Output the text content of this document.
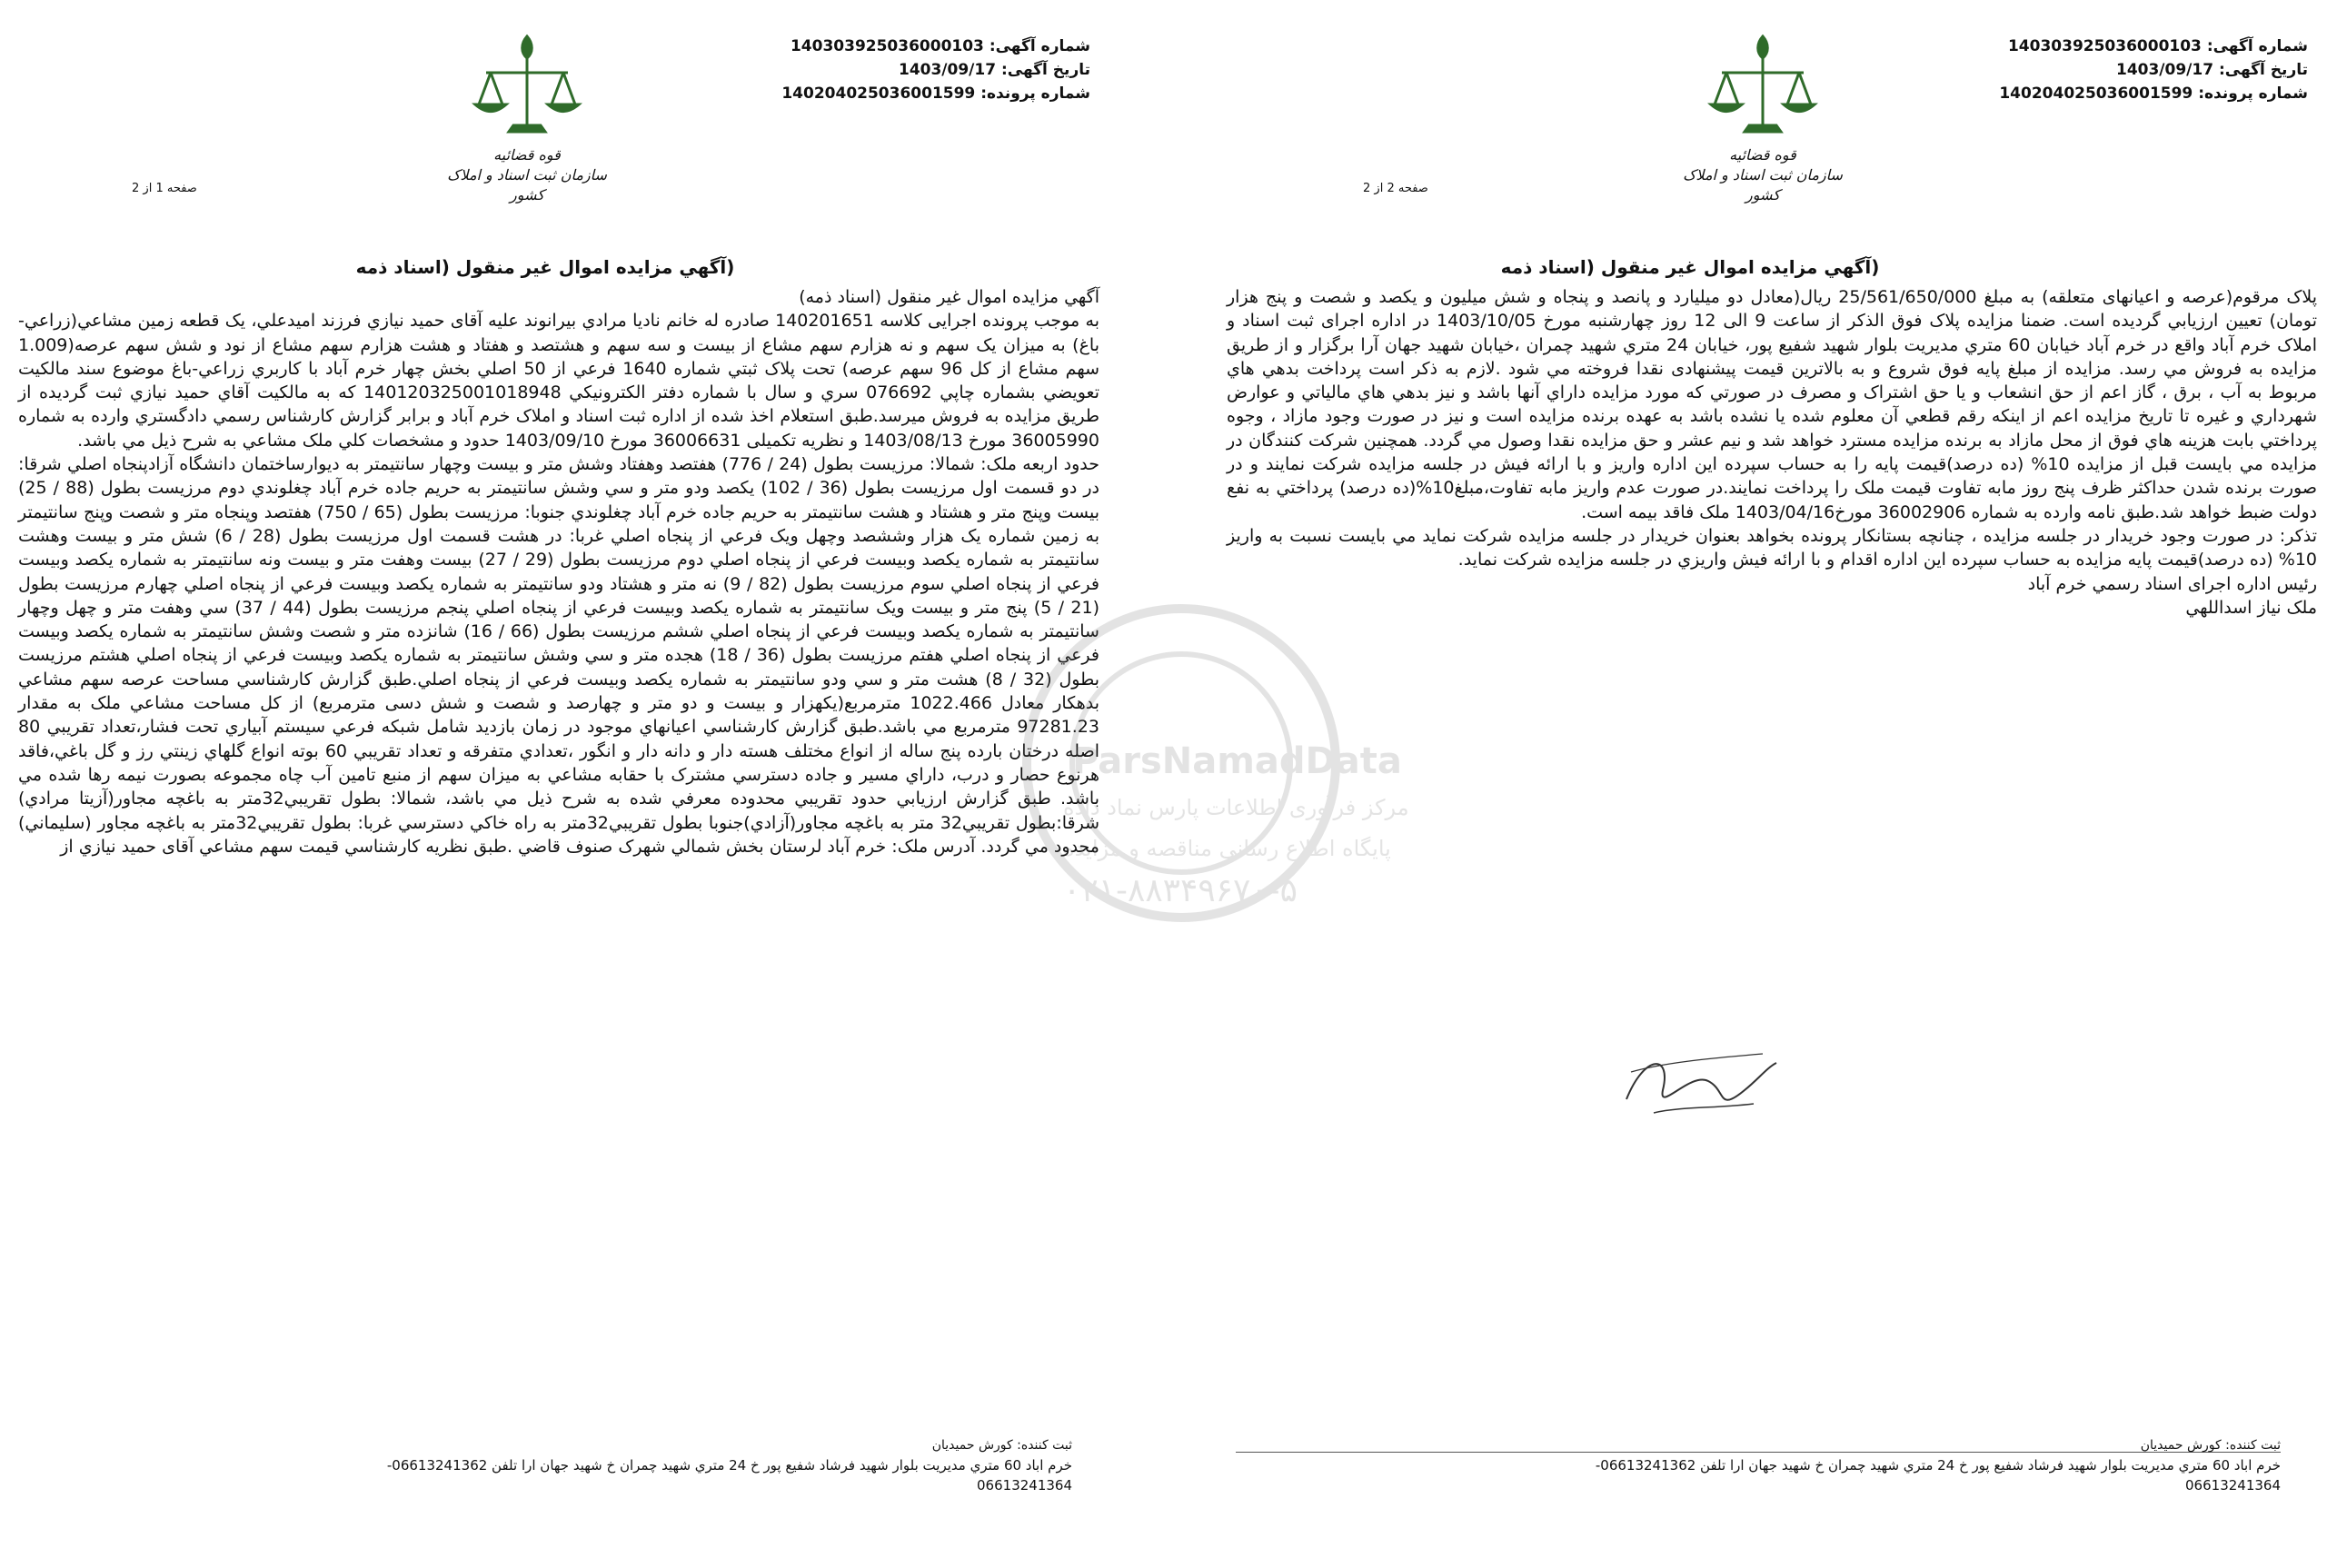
شماره آگهی: 140303925036000103
تاريخ آگهی: 1403/09/17
شماره پرونده: 140204025036001599
قوه قضائیه
سازمان ثبت اسناد و املاک کشور
صفحه 1 از 2
(آگهي مزايده اموال غير منقول (اسناد ذمه

آگهي مزايده اموال غير منقول (اسناد ذمه)

به موجب پرونده اجرایی کلاسه 140201651 صادره له خانم نادیا مرادي بیرانوند علیه آقای حمید نیازي فرزند امیدعلي، یک قطعه زمین مشاعي(زراعي-باغ) به میزان یک سهم و نه هزارم سهم مشاع از بیست و سه سهم و هشتصد و هفتاد و هشت هزارم سهم مشاع از نود و شش سهم عرصه(1.009 سهم مشاع از کل 96 سهم عرصه) تحت پلاک ثبتي شماره 1640 فرعي از 50 اصلي بخش چهار خرم آباد با کاربري زراعي-باغ موضوع سند مالکیت تعویضي بشماره چاپي 076692 سري و سال با شماره دفتر الکترونیکي 140120325001018948 که به مالکیت آقاي حمید نیازي ثبت گردیده از طریق مزایده به فروش میرسد.طبق استعلام اخذ شده از اداره ثبت اسناد و املاک خرم آباد و برابر گزارش کارشناس رسمي دادگستري وارده به شماره 36005990 مورخ 1403/08/13 و نظریه تکمیلی 36006631 مورخ 1403/09/10 حدود و مشخصات کلي ملک مشاعي به شرح ذیل مي باشد.

حدود اربعه ملک: شمالا: مرزيست بطول (24 / 776) هفتصد وهفتاد وشش متر و بيست وچهار سانتيمتر به ديوارساختمان دانشگاه آزادپنجاه اصلي شرقا: در دو قسمت اول مرزيست بطول (36 / 102) يکصد ودو متر و سي وشش سانتيمتر به حريم جاده خرم آباد چغلوندي دوم مرزيست بطول (88 / 25) بيست وپنج متر و هشتاد و هشت سانتيمتر به حريم جاده خرم آباد چغلوندي جنوبا: مرزيست بطول (65 / 750) هفتصد وپنجاه متر و شصت وپنج سانتيمتر به زمين شماره يک هزار وششصد وچهل ويک فرعي از پنجاه اصلي غربا: در هشت قسمت اول مرزيست بطول (28 / 6) شش متر و بيست وهشت سانتيمتر به شماره يکصد وبيست فرعي از پنجاه اصلي دوم مرزيست بطول (29 / 27) بيست وهفت متر و بيست ونه سانتيمتر به شماره يکصد وبيست فرعي از پنجاه اصلي سوم مرزيست بطول (82 / 9) نه متر و هشتاد ودو سانتيمتر به شماره يکصد وبيست فرعي از پنجاه اصلي چهارم مرزيست بطول (21 / 5) پنج متر و بيست ويک سانتيمتر به شماره يکصد وبيست فرعي از پنجاه اصلي پنجم مرزيست بطول (44 / 37) سي وهفت متر و چهل وچهار سانتيمتر به شماره يکصد وبيست فرعي از پنجاه اصلي ششم مرزيست بطول (66 / 16) شانزده متر و شصت وشش سانتيمتر به شماره يکصد وبيست فرعي از پنجاه اصلي هفتم مرزيست بطول (36 / 18) هجده متر و سي وشش سانتيمتر به شماره يکصد وبيست فرعي از پنجاه اصلي هشتم مرزيست بطول (32 / 8) هشت متر و سي ودو سانتيمتر به شماره يکصد وبيست فرعي از پنجاه اصلي.طبق گزارش کارشناسي مساحت عرصه سهم مشاعي بدهکار معادل 1022.466 مترمربع(يکهزار و بيست و دو متر و چهارصد و شصت و شش دسی مترمربع) از کل مساحت مشاعي ملک به مقدار 97281.23 مترمربع مي باشد.طبق گزارش کارشناسي اعيانهاي موجود در زمان بازديد شامل شبکه فرعي سيستم آبياري تحت فشار،تعداد تقريبي 80 اصله درختان بارده پنج ساله از انواع مختلف هسته دار و دانه دار و انگور ،تعدادي متفرقه و تعداد تقريبي 60 بوته انواع گلهاي زينتي رز و گل باغي،فاقد هرنوع حصار و درب، داراي مسير و جاده دسترسي مشترک با حقابه مشاعي به ميزان سهم از منبع تامين آب چاه مجموعه بصورت نيمه رها شده مي باشد. طبق گزارش ارزيابي حدود تقريبي محدوده معرفي شده به شرح ذيل مي باشد، شمالا: بطول تقريبي32متر به باغچه مجاور(آزيتا مرادي) شرقا:بطول تقريبي32 متر به باغچه مجاور(آزادي)جنوبا بطول تقريبي32متر به راه خاکي دسترسي غربا: بطول تقريبي32متر به باغچه مجاور (سليماني) محدود مي گردد. آدرس ملک: خرم آباد لرستان بخش شمالي شهرک صنوف قاضي .طبق نظريه کارشناسي قيمت سهم مشاعي آقای حمید نیازي از

ثبت کننده: کورش حمیدیان
خرم اباد 60 متري مديريت بلوار شهيد فرشاد شفيع پور خ 24 متري شهيد چمران خ شهيد جهان ارا تلفن 06613241362-
06613241364
شماره آگهی: 140303925036000103
تاريخ آگهی: 1403/09/17
شماره پرونده: 140204025036001599
قوه قضائیه
سازمان ثبت اسناد و املاک کشور
صفحه 2 از 2
(آگهي مزايده اموال غير منقول (اسناد ذمه

پلاک مرقوم(عرصه و اعیانهای متعلقه) به مبلغ 25/561/650/000 ریال(معادل دو میلیارد و پانصد و پنجاه و شش میلیون و یکصد و شصت و پنج هزار تومان) تعیین ارزیابي گردیده است. ضمنا مزایده پلاک فوق الذکر از ساعت 9 الی 12 روز چهارشنبه مورخ 1403/10/05 در اداره اجرای ثبت اسناد و املاک خرم آباد واقع در خرم آباد خیابان 60 متري مدیریت بلوار شهید شفیع پور، خیابان 24 متري شهید چمران ،خیابان شهید جهان آرا برگزار و از طریق مزایده به فروش مي رسد. مزایده از مبلغ پایه فوق شروع و به بالاترین قیمت پیشنهادی نقدا فروخته مي شود .لازم به ذکر است پرداخت بدهي هاي مربوط به آب ، برق ، گاز اعم از حق انشعاب و یا حق اشتراک و مصرف در صورتي که مورد مزایده داراي آنها باشد و نیز بدهي هاي مالیاتي و عوارض شهرداري و غیره تا تاریخ مزایده اعم از اینکه رقم قطعي آن معلوم شده یا نشده باشد به عهده برنده مزایده است و نیز در صورت وجود مازاد ، وجوه پرداختي بابت هزینه هاي فوق از محل مازاد به برنده مزایده مسترد خواهد شد و نیم عشر و حق مزایده نقدا وصول مي گردد. همچنین شرکت کنندگان در مزایده مي بایست قبل از مزایده 10% (ده درصد)قیمت پایه را به حساب سپرده این اداره واریز و با ارائه فیش در جلسه مزایده شرکت نمایند و در صورت برنده شدن حداکثر ظرف پنج روز مابه تفاوت قیمت ملک را پرداخت نمایند.در صورت عدم واریز مابه تفاوت،مبلغ10%(ده درصد) پرداختي به نفع دولت ضبط خواهد شد.طبق نامه وارده به شماره 36002906 مورخ1403/04/16 ملک فاقد بیمه است.

تذکر: در صورت وجود خریدار در جلسه مزایده ، چنانچه بستانکار پرونده بخواهد بعنوان خریدار در جلسه مزایده شرکت نماید مي بایست نسبت به واریز 10% (ده درصد)قیمت پایه مزایده به حساب سپرده این اداره اقدام و با ارائه فیش واریزي در جلسه مزایده شرکت نماید.

رئیس اداره اجرای اسناد رسمي خرم آباد

ملک نیاز اسداللهي

ثبت کننده: کورش حمیدیان
خرم اباد 60 متري مديريت بلوار شهيد فرشاد شفيع پور خ 24 متري شهيد چمران خ شهيد جهان ارا تلفن 06613241362-
06613241364
ParsNamadData
مرکز فرآوری اطلاعات پارس نماد داده
پایگاه اطلاع رسانی مناقصه و مزایده
۰۲۱-۸۸۳۴۹۶۷۰-۵
